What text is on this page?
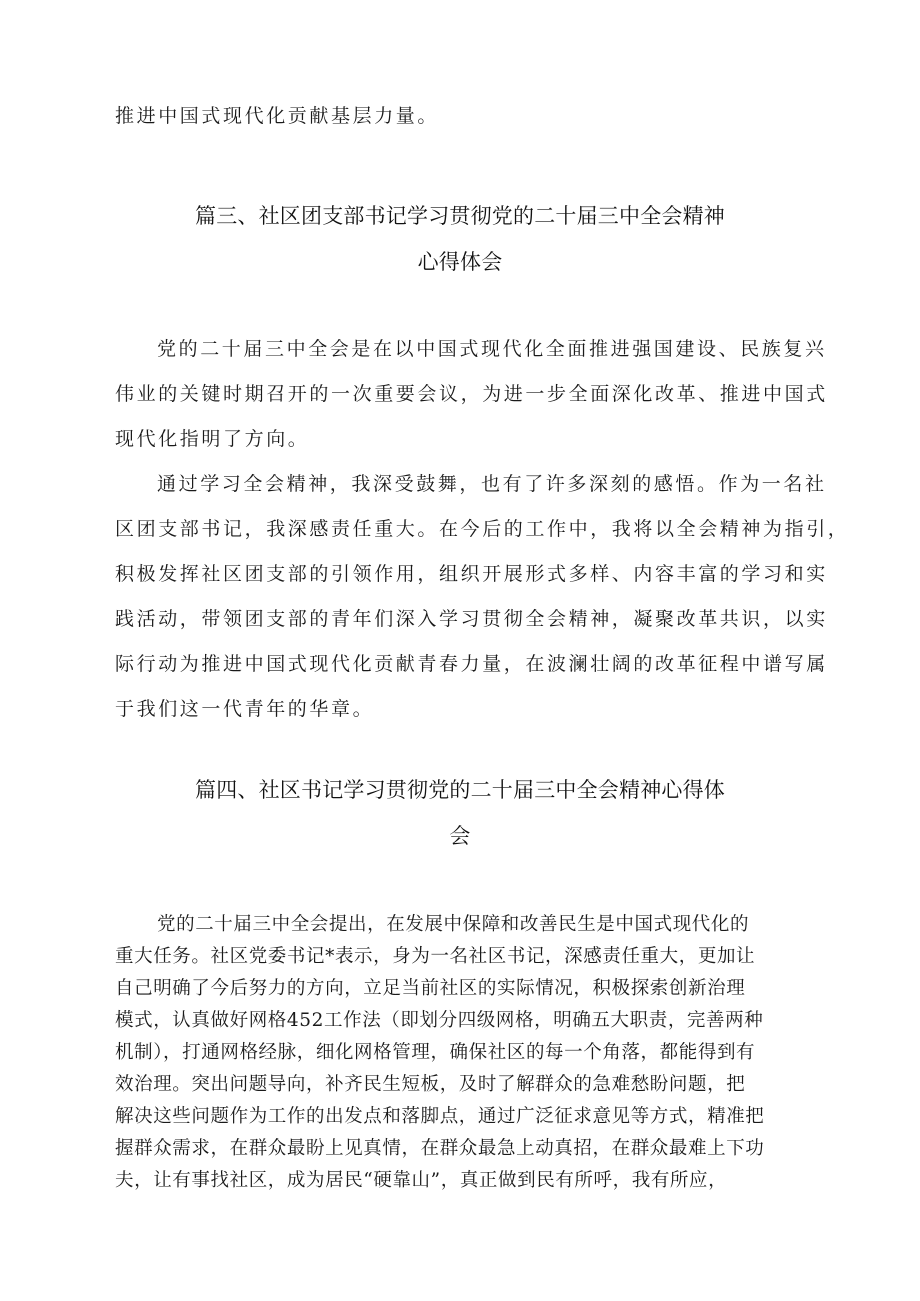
推进中国式现代化贡献基层力量。
篇三、社区团支部书记学习贯彻党的二十届三中全会精神
心得体会
党的二十届三中全会是在以中国式现代化全面推进强国建设、民族复兴
伟业的关键时期召开的一次重要会议，为进一步全面深化改革、推进中国式
现代化指明了方向。
通过学习全会精神，我深受鼓舞，也有了许多深刻的感悟。作为一名社
区团支部书记，我深感责任重大。在今后的工作中，我将以全会精神为指引，
积极发挥社区团支部的引领作用，组织开展形式多样、内容丰富的学习和实
践活动，带领团支部的青年们深入学习贯彻全会精神，凝聚改革共识，以实
际行动为推进中国式现代化贡献青春力量，在波澜壮阔的改革征程中谱写属
于我们这一代青年的华章。
篇四、社区书记学习贯彻党的二十届三中全会精神心得体
会
党的二十届三中全会提出，在发展中保障和改善民生是中国式现代化的
重大任务。社区党委书记*表示，身为一名社区书记，深感责任重大，更加让
自己明确了今后努力的方向，立足当前社区的实际情况，积极探索创新治理
模式，认真做好网格452工作法（即划分四级网格，明确五大职责，完善两种
机制），打通网格经脉，细化网格管理，确保社区的每一个角落，都能得到有
效治理。突出问题导向，补齐民生短板，及时了解群众的急难愁盼问题，把
解决这些问题作为工作的出发点和落脚点，通过广泛征求意见等方式，精准把
握群众需求，在群众最盼上见真情，在群众最急上动真招，在群众最难上下功
夫，让有事找社区，成为居民“硬靠山”，真正做到民有所呼，我有所应，
